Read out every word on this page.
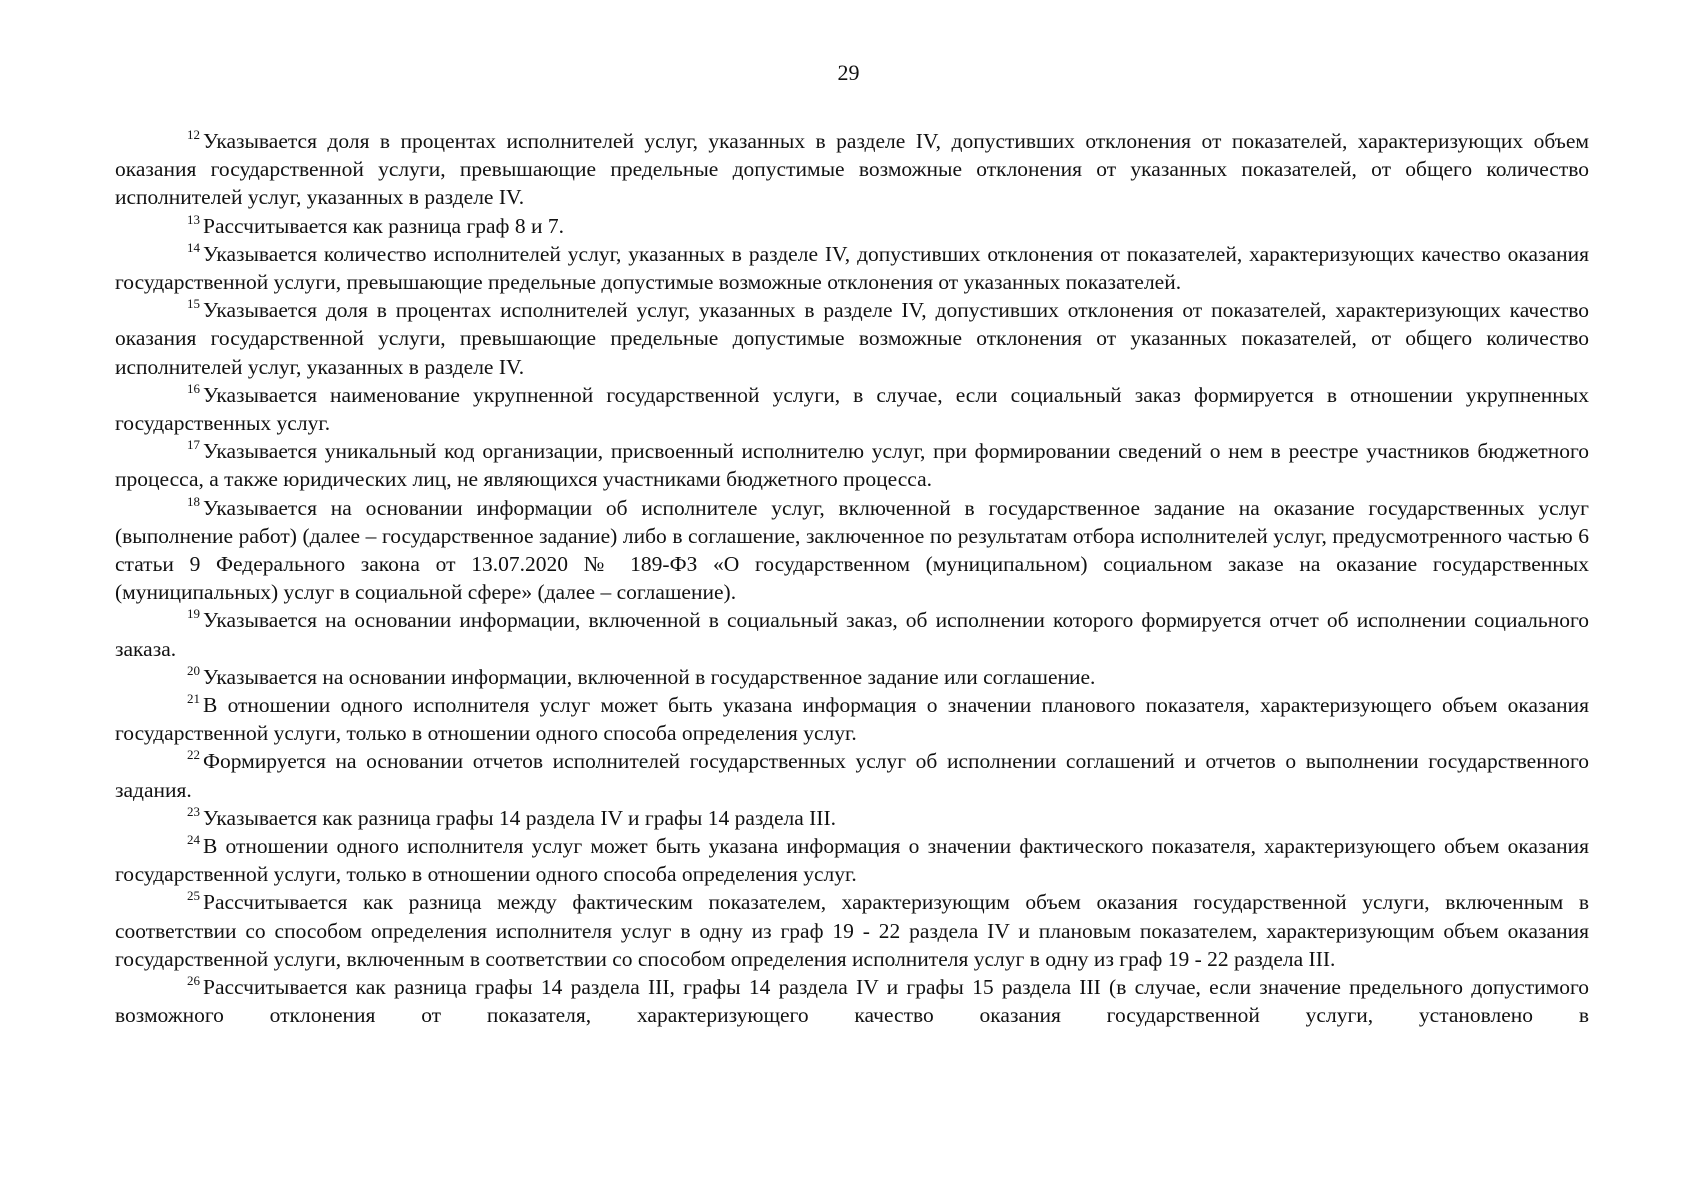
29

$^{12}$ Указывается доля в процентах исполнителей услуг, указанных в разделе IV, допустивших отклонения от показателей, характеризующих объем оказания государственной услуги, превышающие предельные допустимые возможные отклонения от указанных показателей, от общего количество исполнителей услуг, указанных в разделе IV.

$^{13}$ Рассчитывается как разница граф 8 и 7.

$^{14}$ Указывается количество исполнителей услуг, указанных в разделе IV, допустивших отклонения от показателей, характеризующих качество оказания государственной услуги, превышающие предельные допустимые возможные отклонения от указанных показателей.

$^{15}$ Указывается доля в процентах исполнителей услуг, указанных в разделе IV, допустивших отклонения от показателей, характеризующих качество оказания государственной услуги, превышающие предельные допустимые возможные отклонения от указанных показателей, от общего количество исполнителей услуг, указанных в разделе IV.

$^{16}$ Указывается наименование укрупненной государственной услуги, в случае, если социальный заказ формируется в отношении укрупненных государственных услуг.

$^{17}$ Указывается уникальный код организации, присвоенный исполнителю услуг, при формировании сведений о нем в реестре участников бюджетного процесса, а также юридических лиц, не являющихся участниками бюджетного процесса.

$^{18}$ Указывается на основании информации об исполнителе услуг, включенной в государственное задание на оказание государственных услуг (выполнение работ) (далее – государственное задание) либо в соглашение, заключенное по результатам отбора исполнителей услуг, предусмотренного частью 6 статьи 9 Федерального закона от 13.07.2020 № 189-ФЗ «О государственном (муниципальном) социальном заказе на оказание государственных (муниципальных) услуг в социальной сфере» (далее – соглашение).

$^{19}$ Указывается на основании информации, включенной в социальный заказ, об исполнении которого формируется отчет об исполнении социального заказа.

$^{20}$ Указывается на основании информации, включенной в государственное задание или соглашение.

$^{21}$ В отношении одного исполнителя услуг может быть указана информация о значении планового показателя, характеризующего объем оказания государственной услуги, только в отношении одного способа определения услуг.

$^{22}$ Формируется на основании отчетов исполнителей государственных услуг об исполнении соглашений и отчетов о выполнении государственного задания.

$^{23}$ Указывается как разница графы 14 раздела IV и графы 14 раздела III.

$^{24}$ В отношении одного исполнителя услуг может быть указана информация о значении фактического показателя, характеризующего объем оказания государственной услуги, только в отношении одного способа определения услуг.

$^{25}$ Рассчитывается как разница между фактическим показателем, характеризующим объем оказания государственной услуги, включенным в соответствии со способом определения исполнителя услуг в одну из граф 19 - 22 раздела IV и плановым показателем, характеризующим объем оказания государственной услуги, включенным в соответствии со способом определения исполнителя услуг в одну из граф 19 - 22 раздела III.

$^{26}$ Рассчитывается как разница графы 14 раздела III, графы 14 раздела IV и графы 15 раздела III (в случае, если значение предельного допустимого возможного отклонения от показателя, характеризующего качество оказания государственной услуги, установлено в
